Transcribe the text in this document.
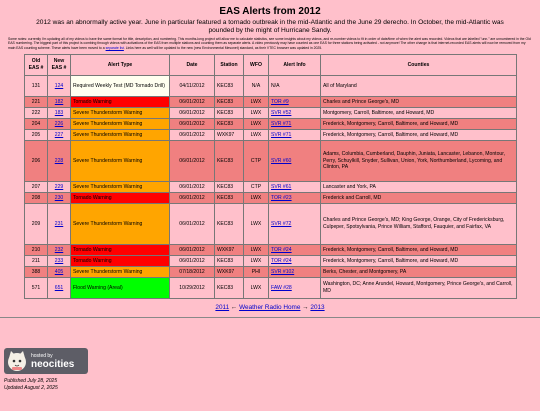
EAS Alerts from 2012
2012 was an abnormally active year. June in particular featured a tornado outbreak in the mid-Atlantic and the June 29 derecho. In October, the mid-Atlantic was pounded by the might of Hurricane Sandy.
Some notes: currently I'm updating all of my videos to have the same format for title, description, and numbering. This months-long project will allow me to calculate statistics, see some insights about my videos, and re-number videos to fit in order of date/time of when the alert was recorded. Videos that are labelled "unn." are unnumbered in the Old EAS numbering. The biggest part of this project is combing through videos with activations of the EAS from multiple stations and counting them as separate alerts. A video previously may have counted as one EAS for three stations being activated - not anymore! The other change is that internet-recorded EAS alerts will now be removed from my main EAS counting scheme. These alerts have been moved to a separate list. Links here as well will be updated to the new (new Environmental Mesonet) standard, as their VTEC browser was updated in 2025.
Old EAS #	New EAS #	Alert Type	Date	Station	WFO	Alert Info	Counties
131	124	Required Weekly Test (MD Tornado Drill)	04/11/2012	KEC83	N/A	N/A	All of Maryland
221	182	Tornado Warning	06/01/2012	KEC83	LWX	TOR #9	Charles and Prince George's, MD
222	183	Severe Thunderstorm Warning	06/01/2012	KEC83	LWX	SVR #52	Montgomery, Carroll, Baltimore, and Howard, MD
204	226	Severe Thunderstorm Warning	06/01/2012	KEC83	LWX	SVR #71	Frederick, Montgomery, Carroll, Baltimore, and Howard, MD
205	227	Severe Thunderstorm Warning	06/01/2012	WXK97	LWX	SVR #71	Frederick, Montgomery, Carroll, Baltimore, and Howard, MD
206	228	Severe Thunderstorm Warning	06/01/2012	KEC83	CTP	SVR #60	Adams, Columbia, Cumberland, Dauphin, Juniata, Lancaster, Lebanon, Montour, Perry, Schuylkill, Snyder, Sullivan, Union, York, Northumberland, Lycoming, and Clinton, PA
207	229	Severe Thunderstorm Warning	06/01/2012	KEC83	CTP	SVR #61	Lancaster and York, PA
208	230	Tornado Warning	06/01/2012	KEC83	LWX	TOR #23	Frederick and Carroll, MD
209	231	Severe Thunderstorm Warning	06/01/2012	KEC83	LWX	SVR #72	Charles and Prince George's, MD; King George, Orange, City of Fredericksburg, Culpeper, Spotsylvania, Prince William, Stafford, Fauquier, and Fairfax, VA
210	232	Tornado Warning	06/01/2012	WXK97	LWX	TOR #24	Frederick, Montgomery, Carroll, Baltimore, and Howard, MD
211	233	Tornado Warning	06/01/2012	KEC83	LWX	TOR #24	Frederick, Montgomery, Carroll, Baltimore, and Howard, MD
388	405	Severe Thunderstorm Warning	07/18/2012	WXK97	PHI	SVR #102	Berks, Chester, and Montgomery, PA
571	651	Flood Warning (Areal)	10/29/2012	KEC83	LWX	FAW #28	Washington, DC; Anne Arundel, Howard, Montgomery, Prince George's, and Carroll, MD
2011 ← Weather Radio Home → 2013
hosted by
neocities
Published July 28, 2025
Updated August 2, 2025
